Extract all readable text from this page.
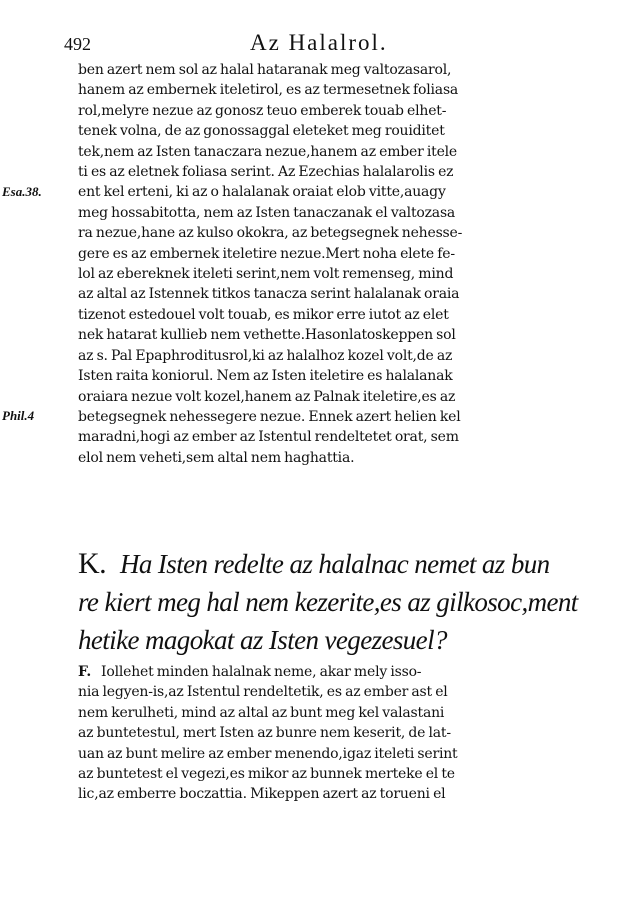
492	Az Halalrol.
Esa.38.
Phil.4
ben azert nem sol az halal hataranak meg valtozasarol,
hanem az embernek iteletirol, es az termesetnek foliasa
rol,melyre nezue az gonosz teuo emberek touab elhet-
tenek volna, de az gonossaggal eleteket meg rouiditet
tek,nem az Isten tanaczara nezue,hanem az ember itele
ti es az eletnek foliasa serint. Az Ezechias halalarolis ez
ent kel erteni, ki az o halalanak oraiat elob vitte,auagy
meg hossabitotta, nem az Isten tanaczanak el valtozasa
ra nezue,hane az kulso okokra, az betegsegnek nehesse-
gere es az embernek iteletire nezue.Mert noha elete fe-
lol az ebereknek iteleti serint,nem volt remenseg, mind
az altal az Istennek titkos tanacza serint halalanak oraia
tizenot estedouel volt touab, es mikor erre iutot az elet
nek hatarat kullieb nem vethette.Hasonlatoskeppen sol
az s. Pal Epaphroditusrol,ki az halalhoz kozel volt,de az
Isten raita koniorul. Nem az Isten iteletire es halalanak
oraiara nezue volt kozel,hanem az Palnak iteletire,es az
betegsegnek nehessegere nezue. Ennek azert helien kel
maradni,hogi az ember az Istentul rendeltetet orat, sem
elol nem veheti,sem altal nem haghattia.
K. Ha Isten redelte az halalnac nemet az bun
re kiert meg hal nem kezerite,es az gilkosoc,ment
hetike magokat az Isten vegezesuel?
F. Iollehet minden halalnak neme, akar mely isso-
nia legyen-is,az Istentul rendeltetik, es az ember ast el
nem kerulheti, mind az altal az bunt meg kel valastani
az buntetestul, mert Isten az bunre nem keserit, de lat-
uan az bunt melire az ember menendo,igaz iteleti serint
az buntetest el vegezi,es mikor az bunnek merteke el te
lic,az emberre boczattia. Mikeppen azert az torueni el
